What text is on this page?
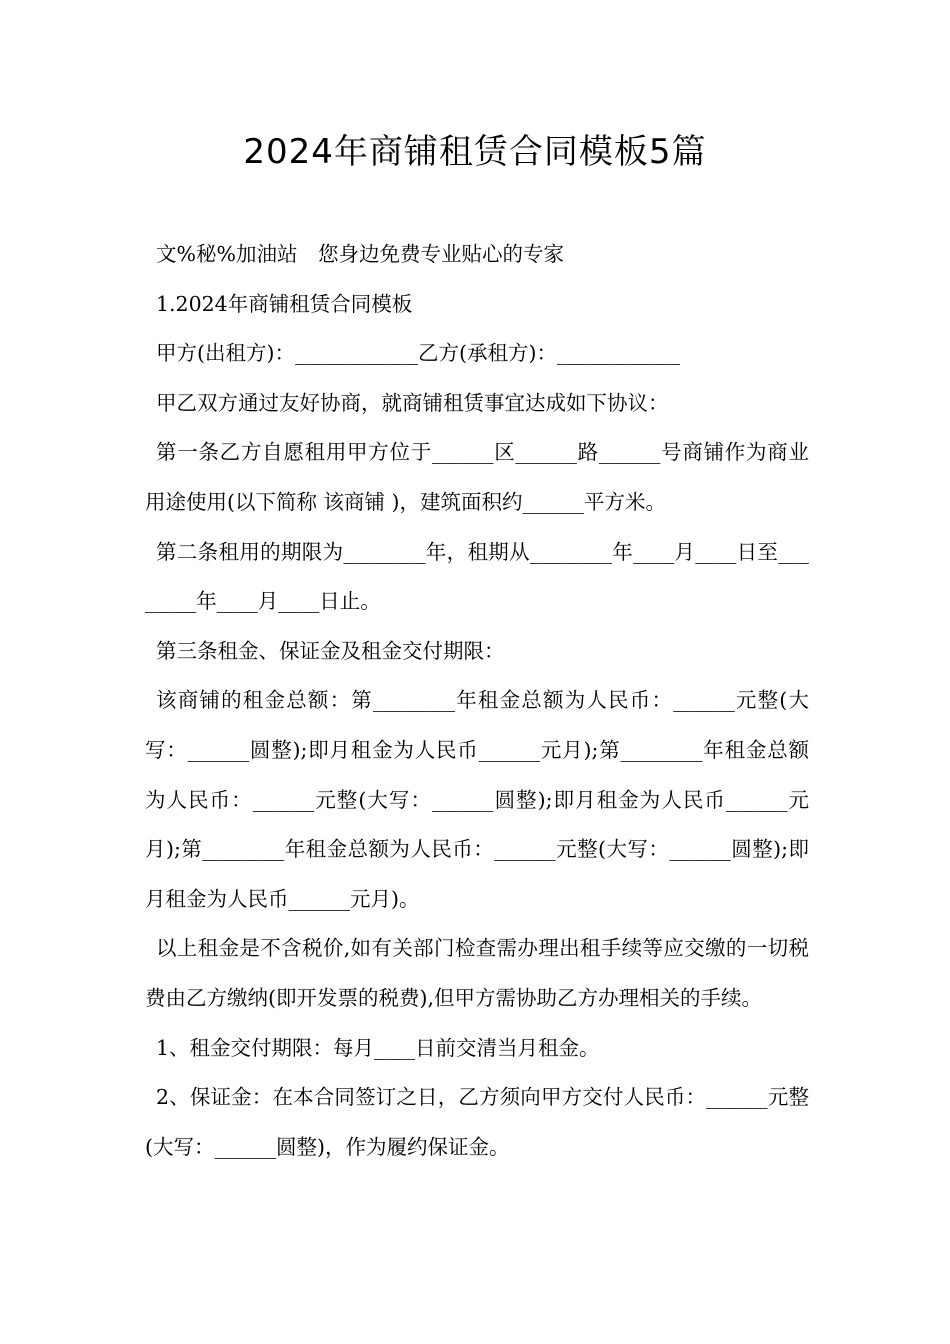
2024年商铺租赁合同模板5篇

文%秘%加油站　您身边免费专业贴心的专家

1.2024年商铺租赁合同模板

甲方(出租方)：____________乙方(承租方)：____________

甲乙双方通过友好协商，就商铺租赁事宜达成如下协议：

第一条乙方自愿租用甲方位于______区______路______号商铺作为商业用途使用(以下简称 该商铺 )，建筑面积约______平方米。

第二条租用的期限为________年，租期从________年____月____日至________年____月____日止。

第三条租金、保证金及租金交付期限：

该商铺的租金总额：第________年租金总额为人民币：______元整(大写：______圆整);即月租金为人民币______元月);第________年租金总额为人民币：______元整(大写：______圆整);即月租金为人民币______元月);第________年租金总额为人民币：______元整(大写：______圆整);即月租金为人民币______元月)。

以上租金是不含税价,如有关部门检查需办理出租手续等应交缴的一切税费由乙方缴纳(即开发票的税费),但甲方需协助乙方办理相关的手续。

1、租金交付期限：每月____日前交清当月租金。

2、保证金：在本合同签订之日，乙方须向甲方交付人民币：______元整(大写：______圆整)，作为履约保证金。
